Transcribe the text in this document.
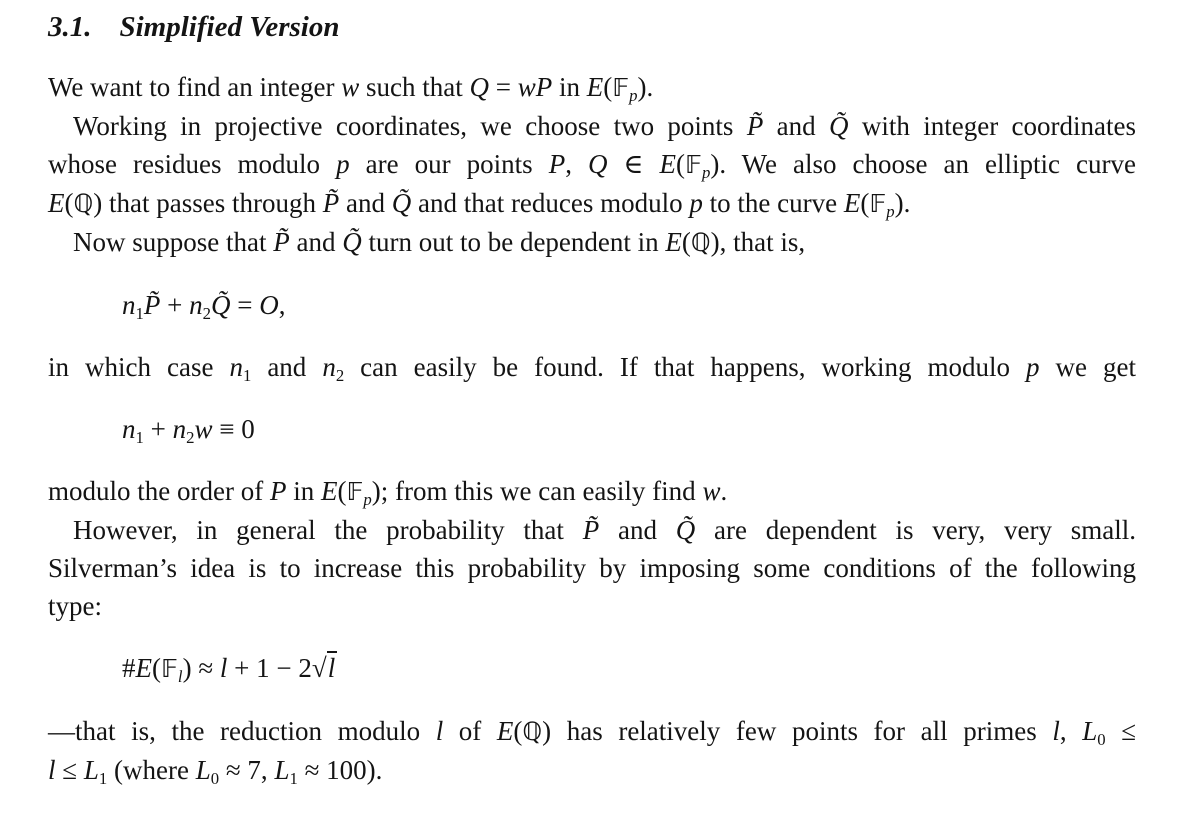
3.1. Simplified Version
We want to find an integer w such that Q = wP in E(𝔽p).
Working in projective coordinates, we choose two points P̃ and Q̃ with integer coordinates
whose residues modulo p are our points P, Q ∈ E(𝔽p). We also choose an elliptic curve
E(ℚ) that passes through P̃ and Q̃ and that reduces modulo p to the curve E(𝔽p).
Now suppose that P̃ and Q̃ turn out to be dependent in E(ℚ), that is,
n1P̃ + n2Q̃ = O,
in which case n1 and n2 can easily be found. If that happens, working modulo p we get
n1 + n2w ≡ 0
modulo the order of P in E(𝔽p); from this we can easily find w.
However, in general the probability that P̃ and Q̃ are dependent is very, very small.
Silverman’s idea is to increase this probability by imposing some conditions of the following
type:
#E(𝔽l) ≈ l + 1 − 2√l
—that is, the reduction modulo l of E(ℚ) has relatively few points for all primes l, L0 ≤
l ≤ L1 (where L0 ≈ 7, L1 ≈ 100).
